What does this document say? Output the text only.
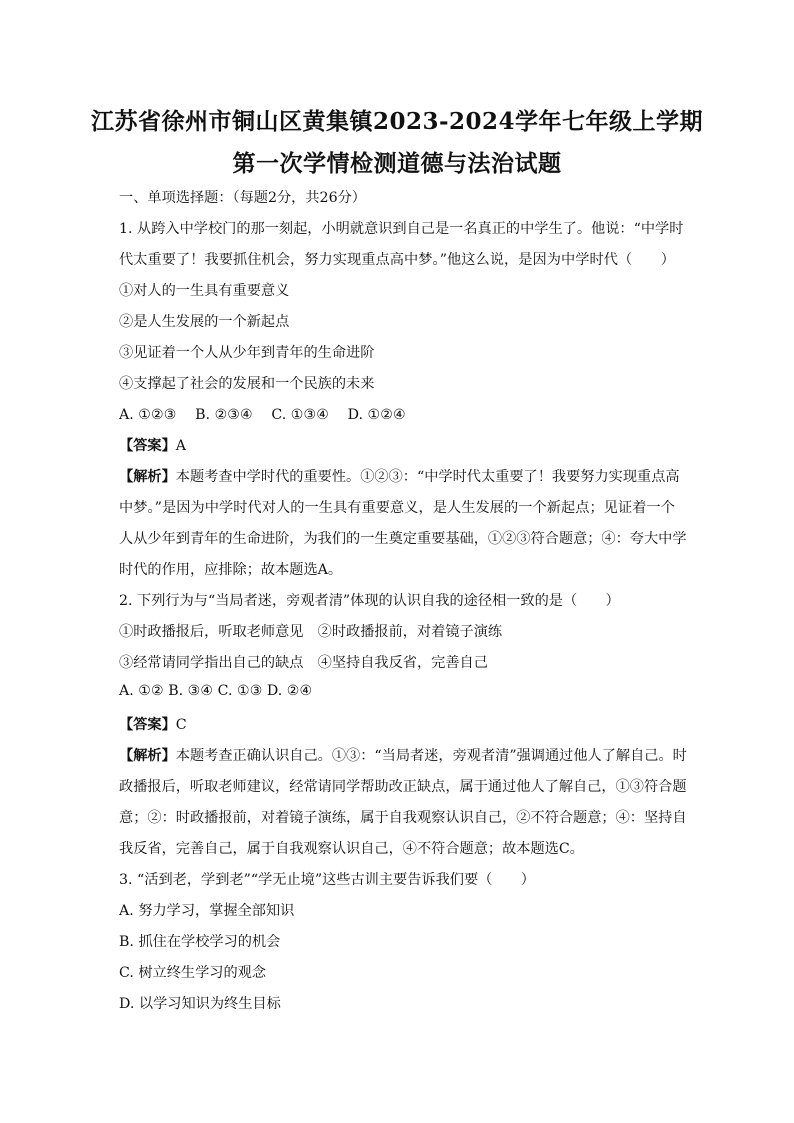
江苏省徐州市铜山区黄集镇2023-2024学年七年级上学期
第一次学情检测道德与法治试题
一、单项选择题：（每题2分，共26分）
1. 从跨入中学校门的那一刻起，小明就意识到自己是一名真正的中学生了。他说：“中学时
代太重要了！我要抓住机会，努力实现重点高中梦。”他这么说，是因为中学时代（　　）
①对人的一生具有重要意义
②是人生发展的一个新起点
③见证着一个人从少年到青年的生命进阶
④支撑起了社会的发展和一个民族的未来
A. ①②③　 B. ②③④　 C. ①③④　 D. ①②④
【答案】A
【解析】本题考查中学时代的重要性。①②③：“中学时代太重要了！我要努力实现重点高
中梦。”是因为中学时代对人的一生具有重要意义，是人生发展的一个新起点；见证着一个
人从少年到青年的生命进阶，为我们的一生奠定重要基础，①②③符合题意；④：夸大中学
时代的作用，应排除；故本题选A。
2. 下列行为与“当局者迷，旁观者清”体现的认识自我的途径相一致的是（　　）
①时政播报后，听取老师意见　②时政播报前，对着镜子演练
③经常请同学指出自己的缺点　④坚持自我反省，完善自己
A. ①② B. ③④ C. ①③ D. ②④
【答案】C
【解析】本题考查正确认识自己。①③：“当局者迷，旁观者清”强调通过他人了解自己。时
政播报后，听取老师建议，经常请同学帮助改正缺点，属于通过他人了解自己，①③符合题
意；②：时政播报前，对着镜子演练，属于自我观察认识自己，②不符合题意；④：坚持自
我反省，完善自己，属于自我观察认识自己，④不符合题意；故本题选C。
3. “活到老，学到老”“学无止境”这些古训主要告诉我们要（　　）
A. 努力学习，掌握全部知识
B. 抓住在学校学习的机会
C. 树立终生学习的观念
D. 以学习知识为终生目标
